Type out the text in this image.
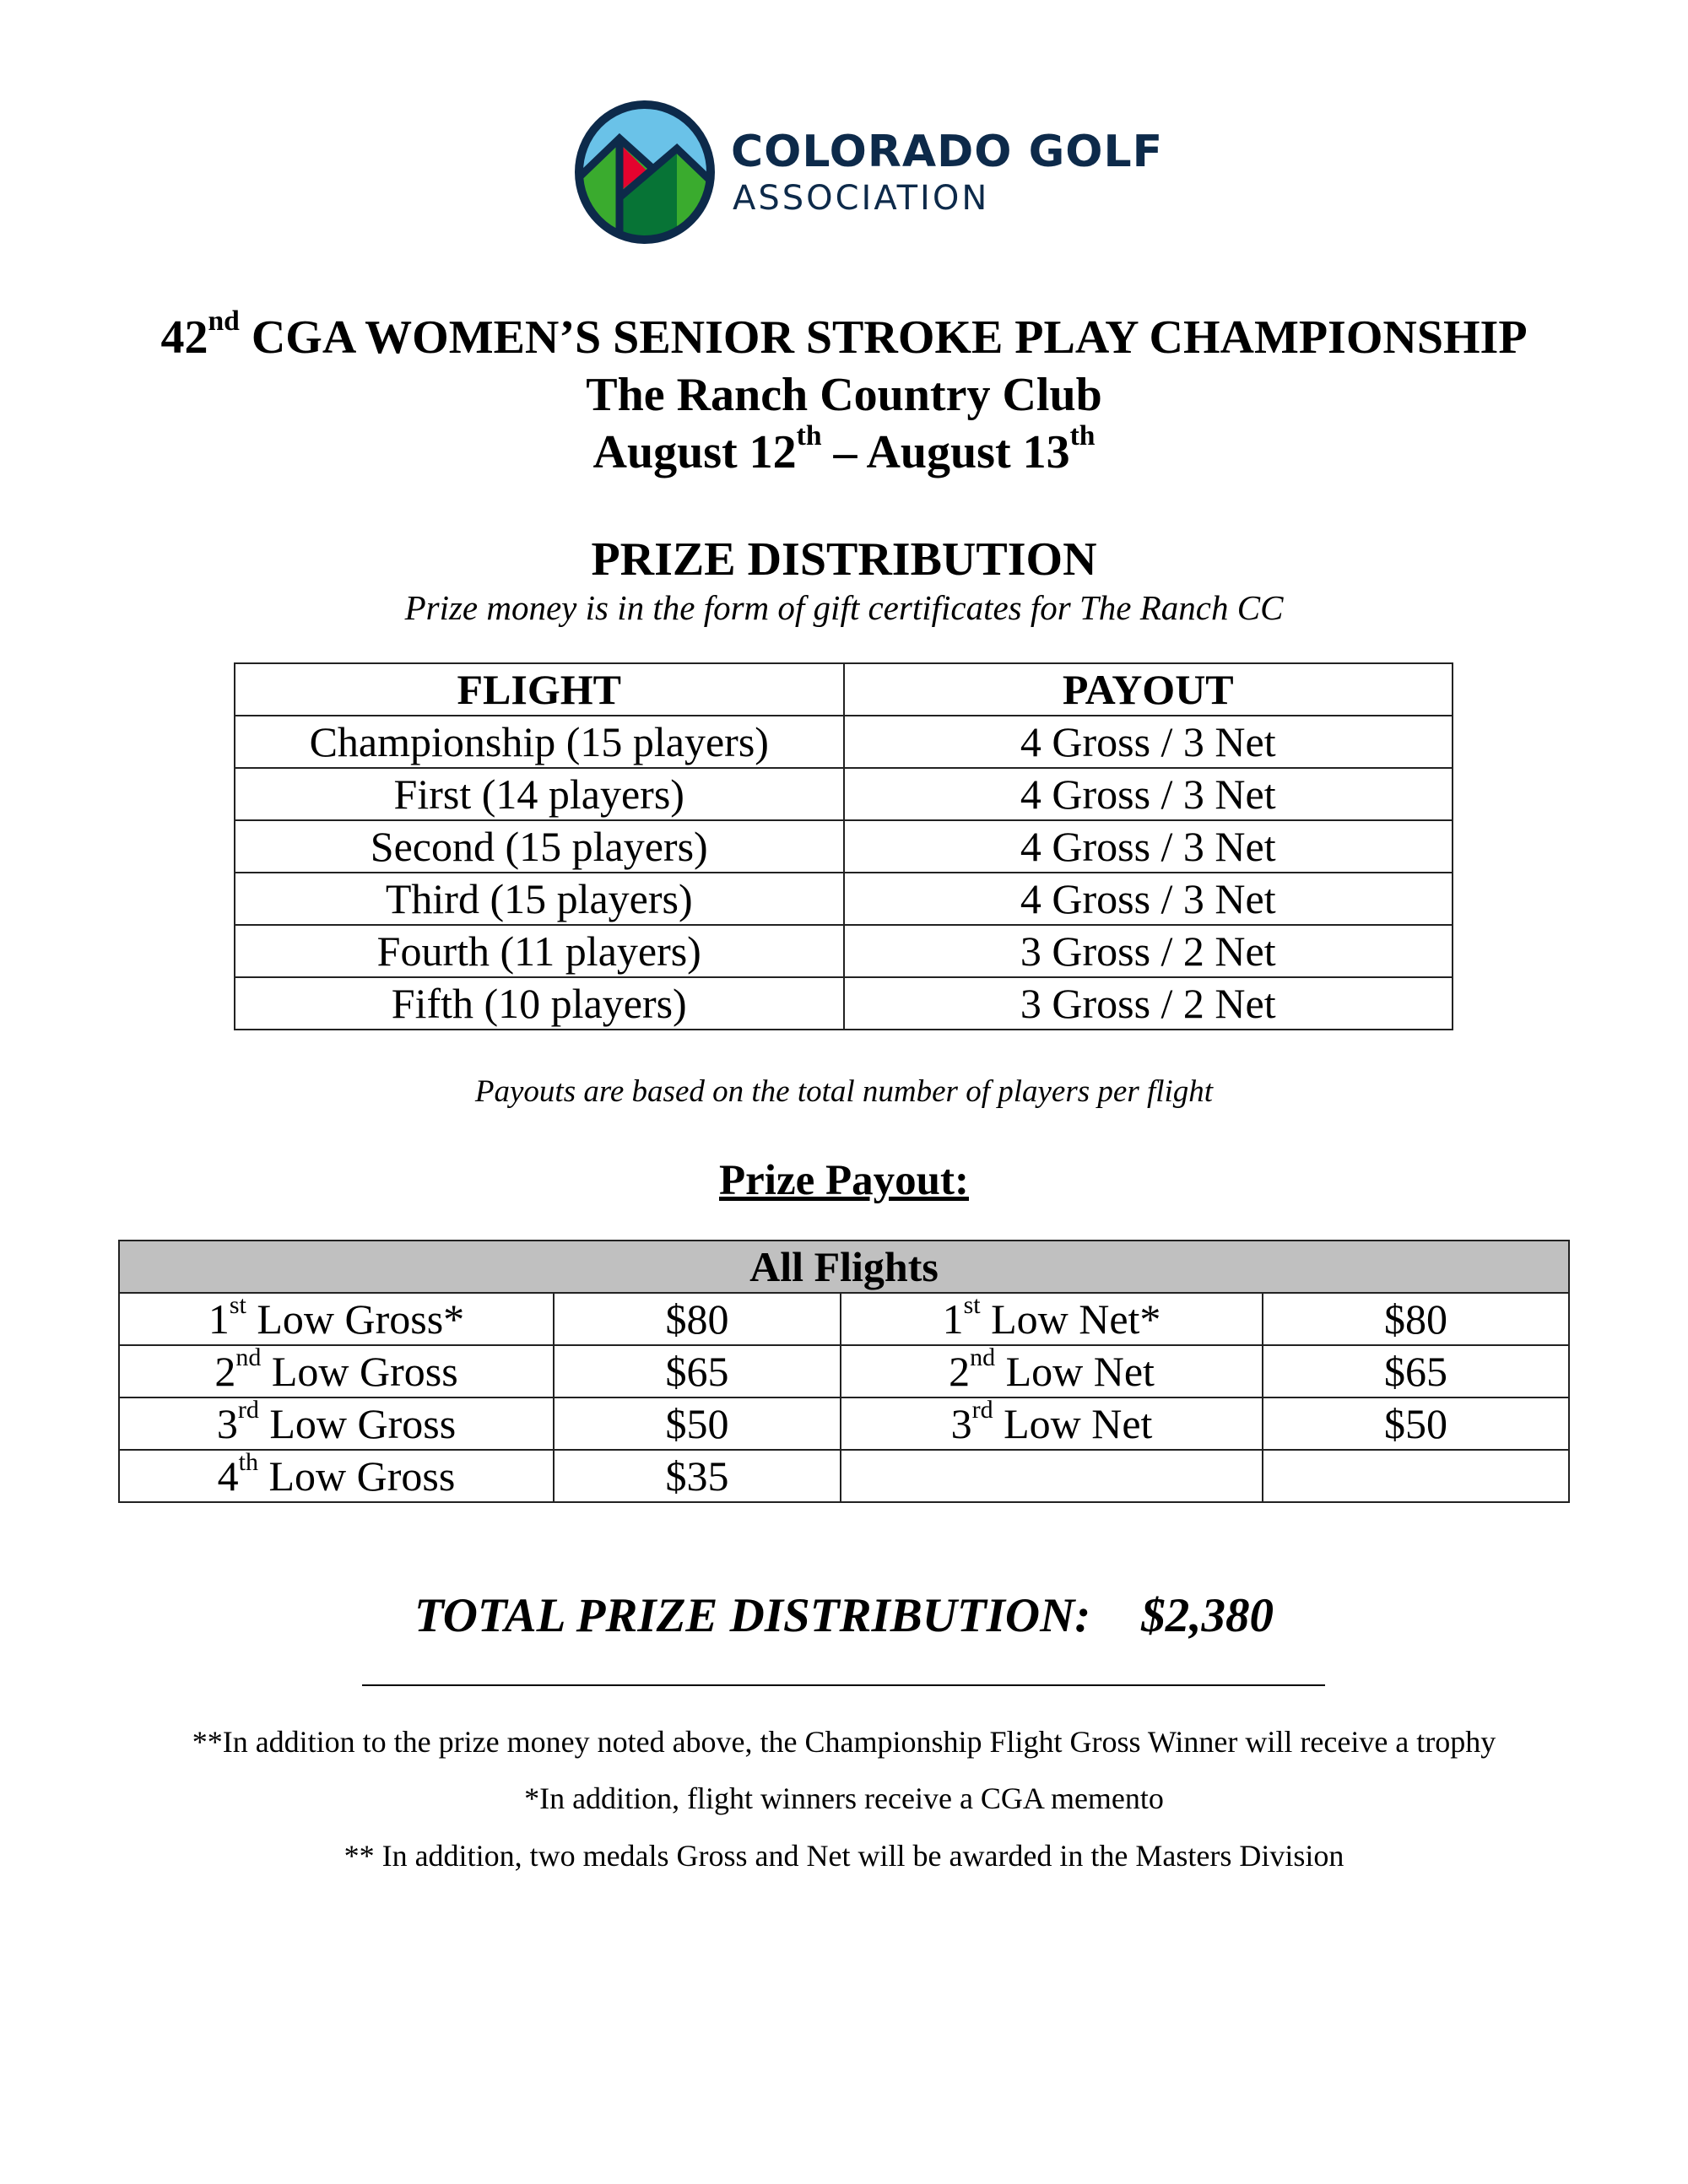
COLORADO GOLF
ASSOCIATION
42nd CGA WOMEN’S SENIOR STROKE PLAY CHAMPIONSHIP
The Ranch Country Club
August 12th – August 13th
PRIZE DISTRIBUTION
Prize money is in the form of gift certificates for The Ranch CC
FLIGHT	PAYOUT
Championship (15 players)	4 Gross / 3 Net
First (14 players)	4 Gross / 3 Net
Second (15 players)	4 Gross / 3 Net
Third (15 players)	4 Gross / 3 Net
Fourth (11 players)	3 Gross / 2 Net
Fifth (10 players)	3 Gross / 2 Net
Payouts are based on the total number of players per flight
Prize Payout:
All Flights			
1st Low Gross*	$80	1st Low Net*	$80
2nd Low Gross	$65	2nd Low Net	$65
3rd Low Gross	$50	3rd Low Net	$50
4th Low Gross	$35		
TOTAL PRIZE DISTRIBUTION: $2,380
**In addition to the prize money noted above, the Championship Flight Gross Winner will receive a trophy
*In addition, flight winners receive a CGA memento
** In addition, two medals Gross and Net will be awarded in the Masters Division
